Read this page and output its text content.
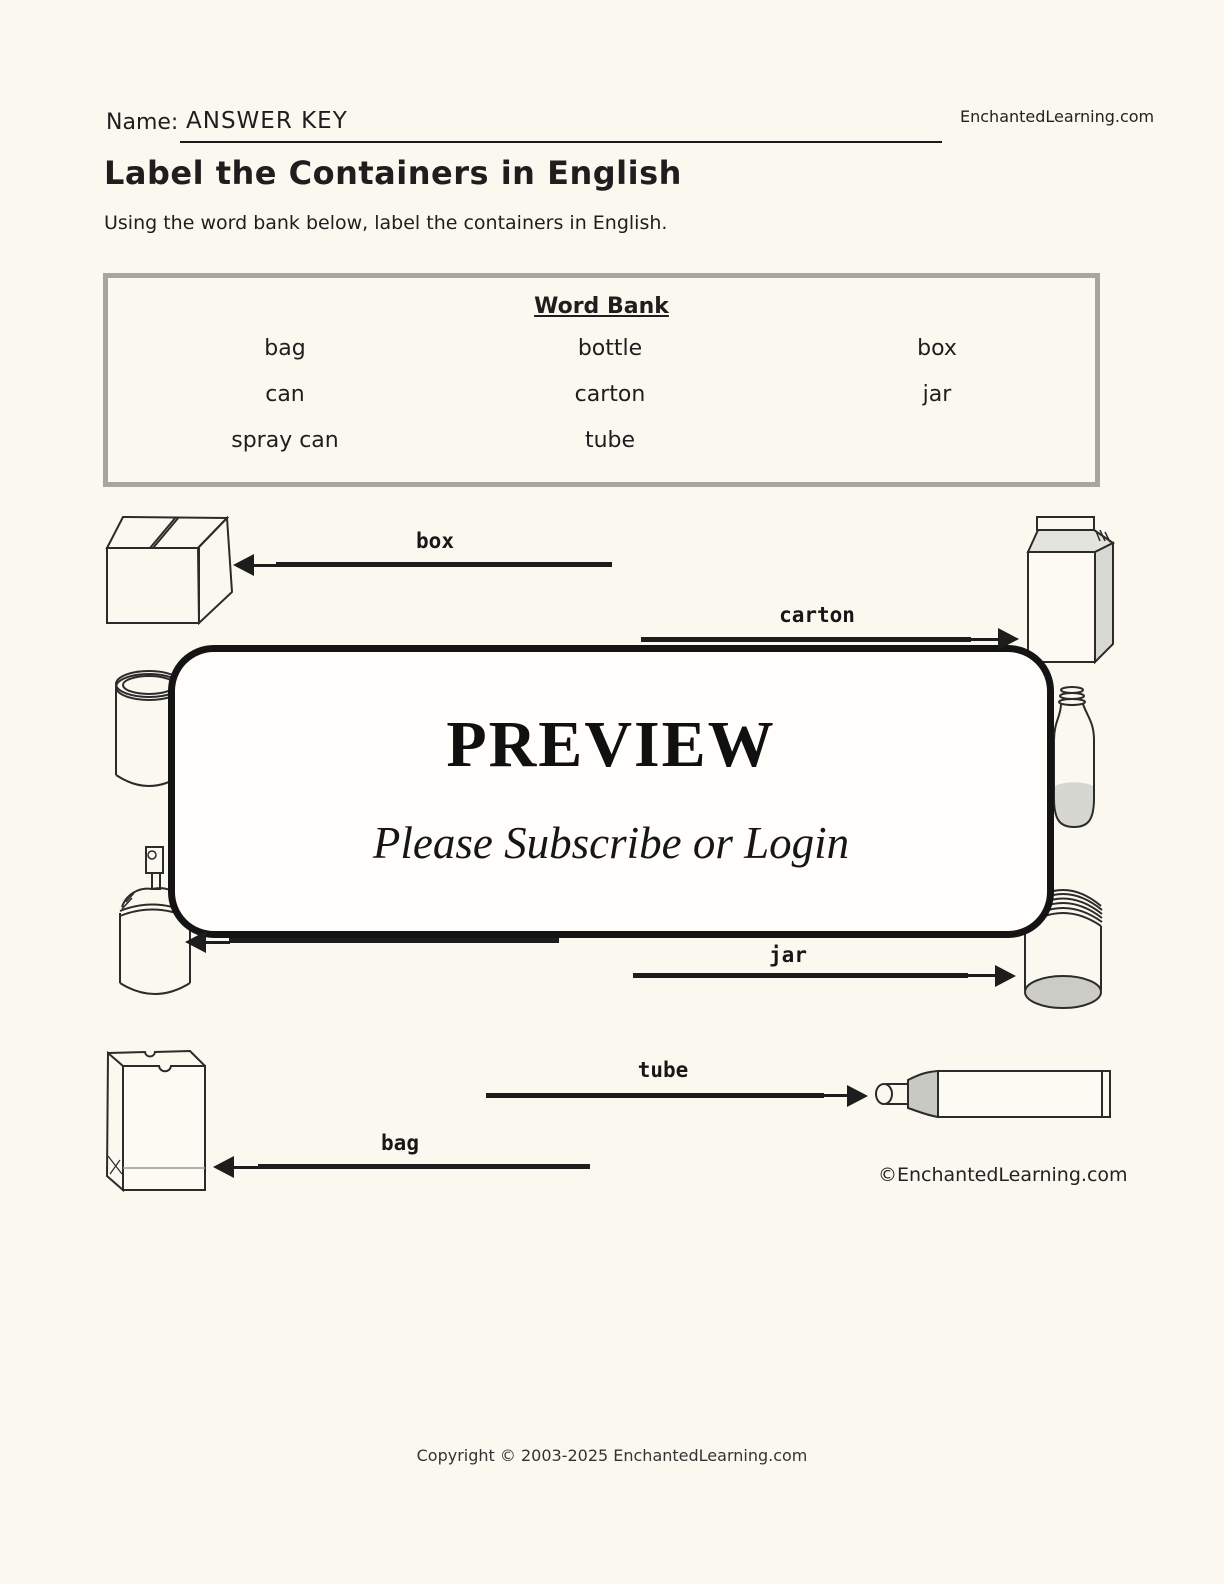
Name: ANSWER KEY	EnchantedLearning.com
Label the Containers in English
Using the word bank below, label the containers in English.
Word Bank
bag	bottle	box
can	carton	jar
spray can	tube
box
carton
jar
tube
bag
PREVIEW
Please Subscribe or Login
©EnchantedLearning.com
Copyright © 2003-2025 EnchantedLearning.com
